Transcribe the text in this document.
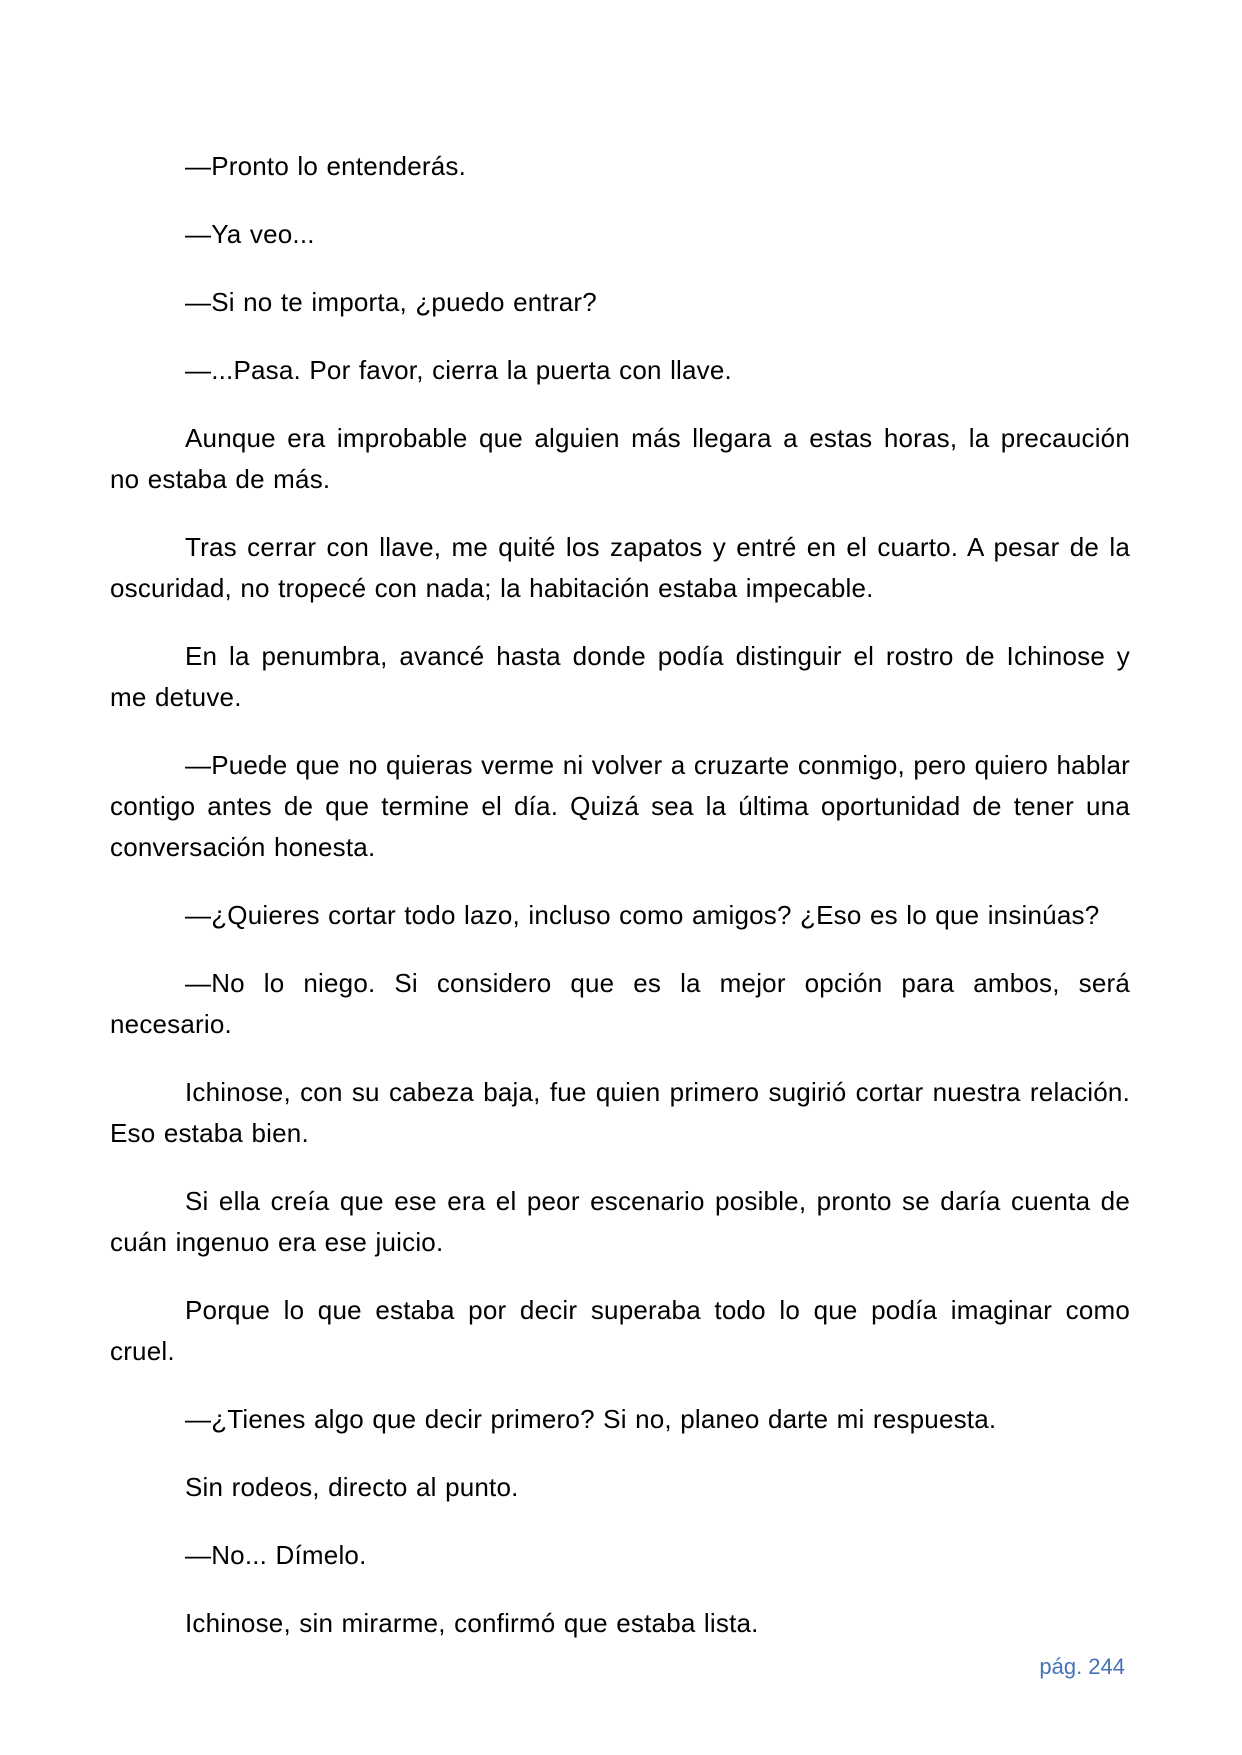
—Pronto lo entenderás.

—Ya veo...

—Si no te importa, ¿puedo entrar?

—...Pasa. Por favor, cierra la puerta con llave.

Aunque era improbable que alguien más llegara a estas horas, la precaución no estaba de más.

Tras cerrar con llave, me quité los zapatos y entré en el cuarto. A pesar de la oscuridad, no tropecé con nada; la habitación estaba impecable.

En la penumbra, avancé hasta donde podía distinguir el rostro de Ichinose y me detuve.

—Puede que no quieras verme ni volver a cruzarte conmigo, pero quiero hablar contigo antes de que termine el día. Quizá sea la última oportunidad de tener una conversación honesta.

—¿Quieres cortar todo lazo, incluso como amigos? ¿Eso es lo que insinúas?

—No lo niego. Si considero que es la mejor opción para ambos, será necesario.

Ichinose, con su cabeza baja, fue quien primero sugirió cortar nuestra relación. Eso estaba bien.

Si ella creía que ese era el peor escenario posible, pronto se daría cuenta de cuán ingenuo era ese juicio.

Porque lo que estaba por decir superaba todo lo que podía imaginar como cruel.

—¿Tienes algo que decir primero? Si no, planeo darte mi respuesta.

Sin rodeos, directo al punto.

—No... Dímelo.

Ichinose, sin mirarme, confirmó que estaba lista.

pág. 244
